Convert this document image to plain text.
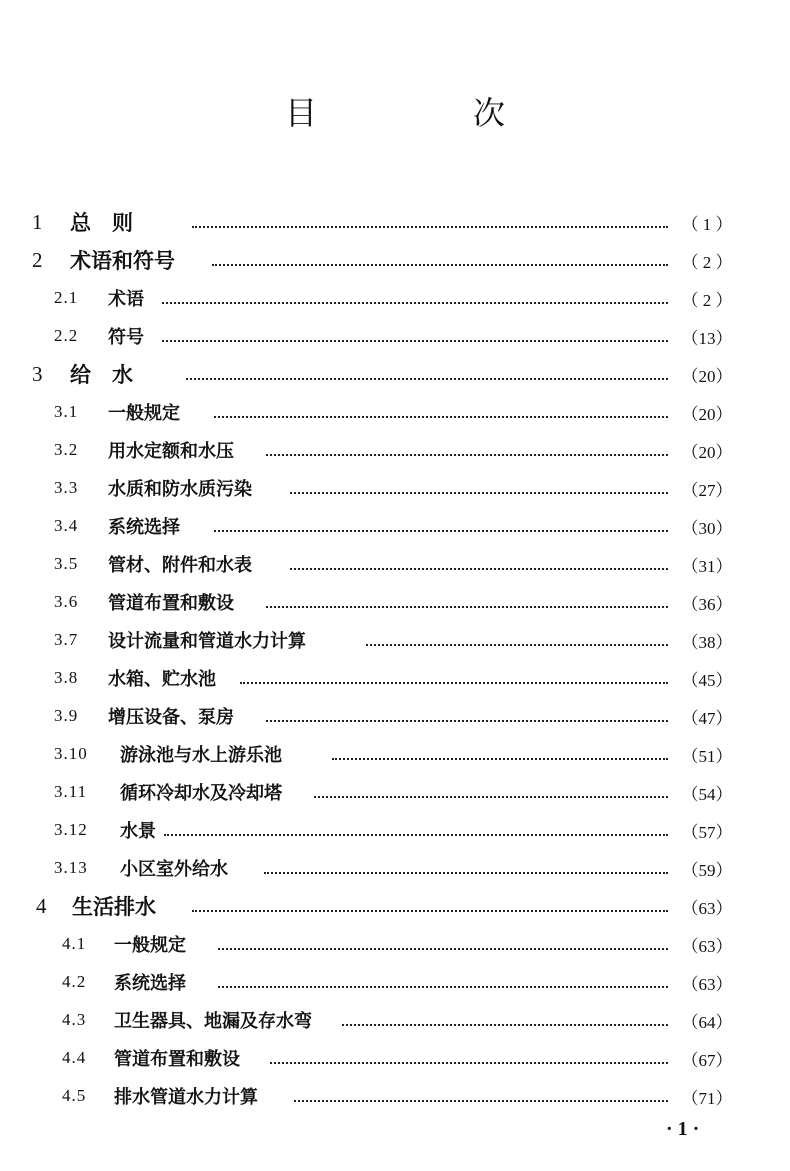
目　次
1 总　则	（ 1 ）
2 术语和符号	（ 2 ）
2.1 术语	（ 2 ）
2.2 符号	（13）
3 给　水	（20）
3.1 一般规定	（20）
3.2 用水定额和水压	（20）
3.3 水质和防水质污染	（27）
3.4 系统选择	（30）
3.5 管材、附件和水表	（31）
3.6 管道布置和敷设	（36）
3.7 设计流量和管道水力计算	（38）
3.8 水箱、贮水池	（45）
3.9 增压设备、泵房	（47）
3.10 游泳池与水上游乐池	（51）
3.11 循环冷却水及冷却塔	（54）
3.12 水景	（57）
3.13 小区室外给水	（59）
4 生活排水	（63）
4.1 一般规定	（63）
4.2 系统选择	（63）
4.3 卫生器具、地漏及存水弯	（64）
4.4 管道布置和敷设	（67）
4.5 排水管道水力计算	（71）
· 1 ·
